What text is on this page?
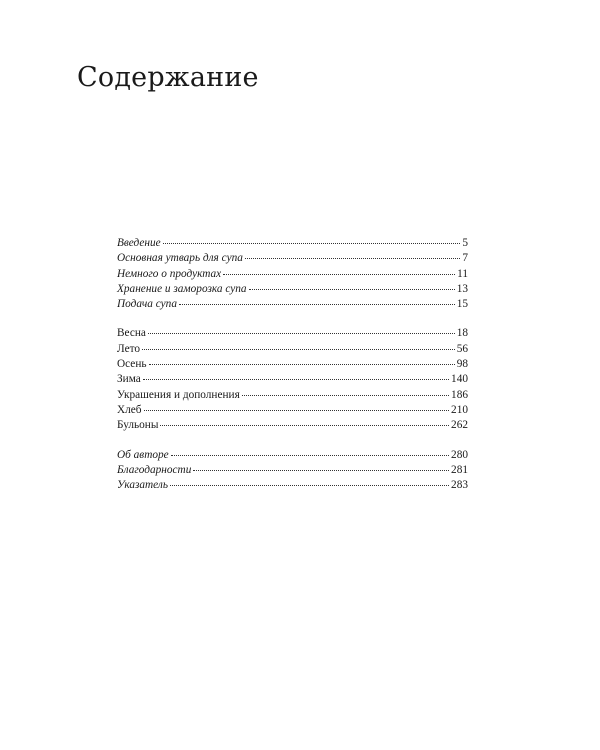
Содержание
Введение	5
Основная утварь для супа	7
Немного о продуктах	11
Хранение и заморозка супа	13
Подача супа	15
Весна	18
Лето	56
Осень	98
Зима	140
Украшения и дополнения	186
Хлеб	210
Бульоны	262
Об авторе	280
Благодарности	281
Указатель	283
